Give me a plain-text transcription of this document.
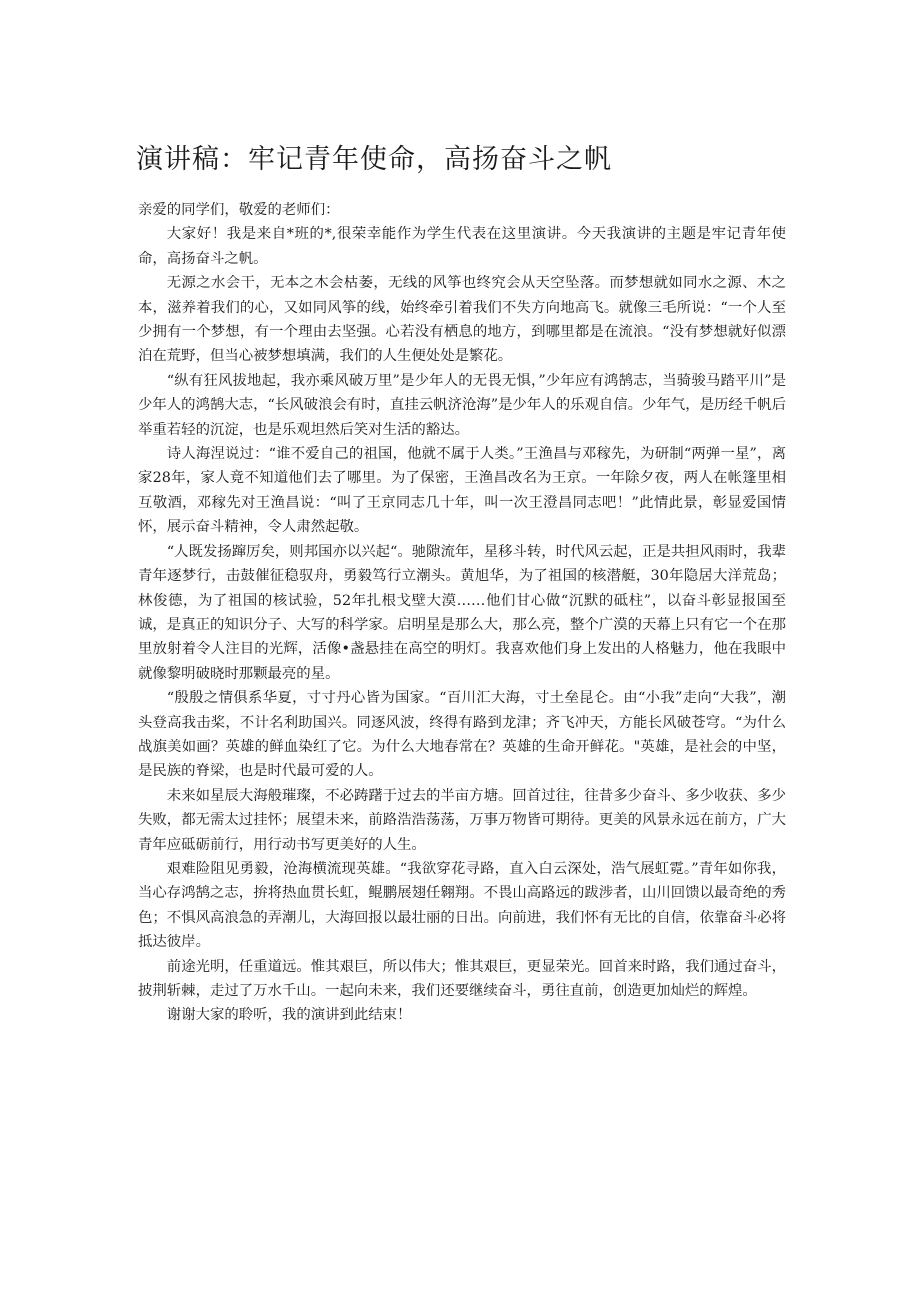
演讲稿：牢记青年使命，高扬奋斗之帆

亲爱的同学们，敬爱的老师们：

大家好！我是来自*班的*,很荣幸能作为学生代表在这里演讲。今天我演讲的主题是牢记青年使命，高扬奋斗之帆。

无源之水会干，无本之木会枯萎，无线的风筝也终究会从天空坠落。而梦想就如同水之源、木之本，滋养着我们的心，又如同风筝的线，始终牵引着我们不失方向地高飞。就像三毛所说：“一个人至少拥有一个梦想，有一个理由去坚强。心若没有栖息的地方，到哪里都是在流浪。“没有梦想就好似漂泊在荒野，但当心被梦想填满，我们的人生便处处是繁花。

“纵有狂风拔地起，我亦乘风破万里”是少年人的无畏无惧，”少年应有鸿鹄志，当骑骏马踏平川”是少年人的鸿鹄大志，“长风破浪会有时，直挂云帆济沧海”是少年人的乐观自信。少年气，是历经千帆后举重若轻的沉淀，也是乐观坦然后笑对生活的豁达。

诗人海涅说过：“谁不爱自己的祖国，他就不属于人类。”王渔昌与邓稼先，为研制“两弹一星”，离家28年，家人竟不知道他们去了哪里。为了保密，王渔昌改名为王京。一年除夕夜，两人在帐篷里相互敬酒，邓稼先对王渔昌说：“叫了王京同志几十年，叫一次王澄昌同志吧！”此情此景，彰显爱国情怀，展示奋斗精神，令人肃然起敬。

“人既发扬蹿厉矣，则邦国亦以兴起“。驰隙流年，星移斗转，时代风云起，正是共担风雨时，我辈青年逐梦行，击鼓催征稳驭舟，勇毅笃行立潮头。黄旭华，为了祖国的核潜艇，30年隐居大洋荒岛；林俊德，为了祖国的核试验，52年扎根戈壁大漠……他们甘心做“沉默的砥柱”，以奋斗彰显报国至诚，是真正的知识分子、大写的科学家。启明星是那么大，那么亮，整个广漠的天幕上只有它一个在那里放射着令人注目的光辉，活像•盏悬挂在高空的明灯。我喜欢他们身上发出的人格魅力，他在我眼中就像黎明破晓时那颗最亮的星。

“殷殷之情俱系华夏，寸寸丹心皆为国家。“百川汇大海，寸土垒昆仑。由“小我”走向“大我”，潮头登高我击桨，不计名利助国兴。同逐风波，终得有路到龙津；齐飞冲天，方能长风破苍穹。“为什么战旗美如画？英雄的鲜血染红了它。为什么大地春常在？英雄的生命开鲜花。"英雄，是社会的中坚，是民族的脊梁，也是时代最可爱的人。

未来如星辰大海般璀璨，不必踌躇于过去的半亩方塘。回首过往，往昔多少奋斗、多少收获、多少失败，都无需太过挂怀；展望未来，前路浩浩荡荡，万事万物皆可期待。更美的风景永远在前方，广大青年应砥砺前行，用行动书写更美好的人生。

艰难险阻见勇毅，沧海横流现英雄。“我欲穿花寻路，直入白云深处，浩气展虹霓。”青年如你我，当心存鸿鹄之志，拚将热血贯长虹，鲲鹏展翅任翱翔。不畏山高路远的跋涉者，山川回馈以最奇绝的秀色；不惧风高浪急的弄潮儿，大海回报以最壮丽的日出。向前进，我们怀有无比的自信，依靠奋斗必将抵达彼岸。

前途光明，任重道远。惟其艰巨，所以伟大；惟其艰巨，更显荣光。回首来时路，我们通过奋斗，披荆斩棘，走过了万水千山。一起向未来，我们还要继续奋斗，勇往直前，创造更加灿烂的辉煌。

谢谢大家的聆听，我的演讲到此结束！
